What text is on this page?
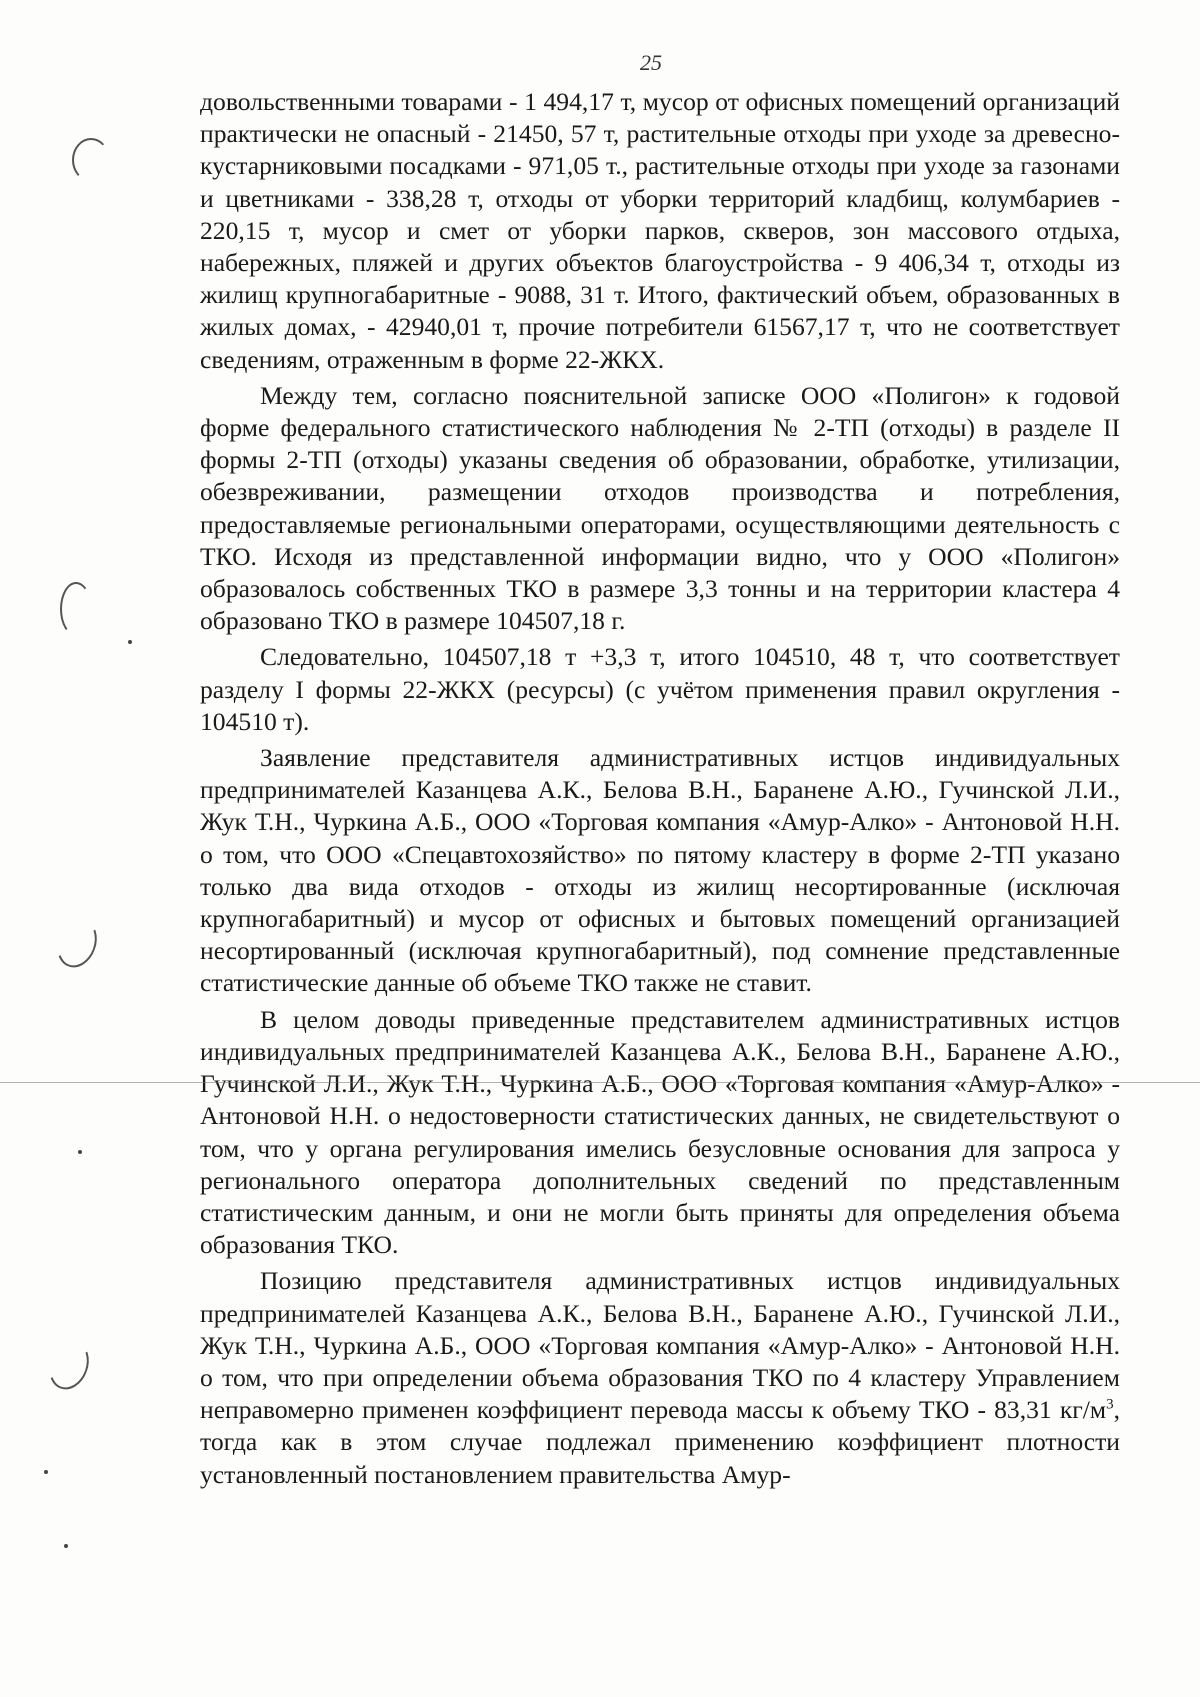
25

довольственными товарами - 1 494,17 т, мусор от офисных помещений организаций практически не опасный - 21450, 57 т, растительные отходы при уходе за древесно-кустарниковыми посадками - 971,05 т., растительные отходы при уходе за газонами и цветниками - 338,28 т, отходы от уборки территорий кладбищ, колумбариев - 220,15 т, мусор и смет от уборки парков, скверов, зон массового отдыха, набережных, пляжей и других объектов благоустройства - 9 406,34 т, отходы из жилищ крупногабаритные - 9088, 31 т. Итого, фактический объем, образованных в жилых домах, - 42940,01 т, прочие потребители 61567,17 т, что не соответствует сведениям, отраженным в форме 22-ЖКХ.

Между тем, согласно пояснительной записке ООО «Полигон» к годовой форме федерального статистического наблюдения № 2-ТП (отходы) в разделе II формы 2-ТП (отходы) указаны сведения об образовании, обработке, утилизации, обезвреживании, размещении отходов производства и потребления, предоставляемые региональными операторами, осуществляющими деятельность с ТКО. Исходя из представленной информации видно, что у ООО «Полигон» образовалось собственных ТКО в размере 3,3 тонны и на территории кластера 4 образовано ТКО в размере 104507,18 г.

Следовательно, 104507,18 т +3,3 т, итого 104510, 48 т, что соответствует разделу I формы 22-ЖКХ (ресурсы) (с учётом применения правил округления - 104510 т).

Заявление представителя административных истцов индивидуальных предпринимателей Казанцева А.К., Белова В.Н., Баранене А.Ю., Гучинской Л.И., Жук Т.Н., Чуркина А.Б., ООО «Торговая компания «Амур-Алко» - Антоновой Н.Н. о том, что ООО «Спецавтохозяйство» по пятому кластеру в форме 2-ТП указано только два вида отходов - отходы из жилищ несортированные (исключая крупногабаритный) и мусор от офисных и бытовых помещений организацией несортированный (исключая крупногабаритный), под сомнение представленные статистические данные об объеме ТКО также не ставит.

В целом доводы приведенные представителем административных истцов индивидуальных предпринимателей Казанцева А.К., Белова В.Н., Баранене А.Ю., Гучинской Л.И., Жук Т.Н., Чуркина А.Б., ООО «Торговая компания «Амур-Алко» - Антоновой Н.Н. о недостоверности статистических данных, не свидетельствуют о том, что у органа регулирования имелись безусловные основания для запроса у регионального оператора дополнительных сведений по представленным статистическим данным, и они не могли быть приняты для определения объема образования ТКО.

Позицию представителя административных истцов индивидуальных предпринимателей Казанцева А.К., Белова В.Н., Баранене А.Ю., Гучинской Л.И., Жук Т.Н., Чуркина А.Б., ООО «Торговая компания «Амур-Алко» - Антоновой Н.Н. о том, что при определении объема образования ТКО по 4 кластеру Управлением неправомерно применен коэффициент перевода массы к объему ТКО - 83,31 $кг/м^3$, тогда как в этом случае подлежал применению коэффициент плотности установленный постановлением правительства Амур-
